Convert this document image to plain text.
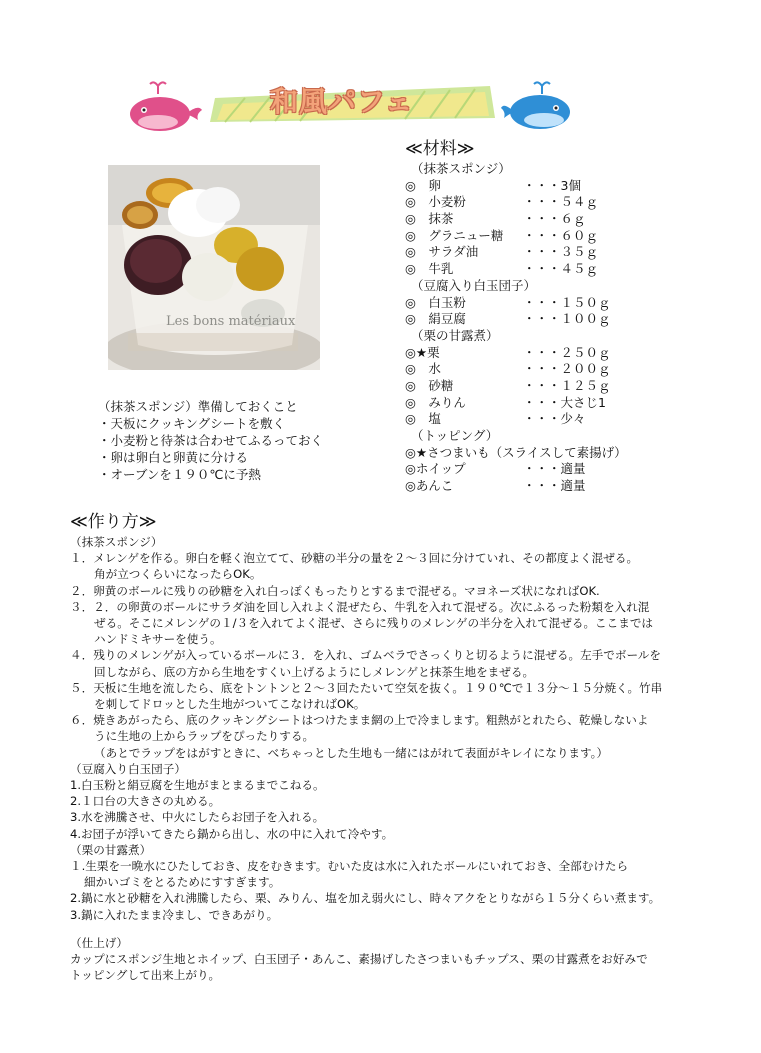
和風パフェ
Les bons matériaux
（抹茶スポンジ）準備しておくこと
・天板にクッキングシートを敷く
・小麦粉と待茶は合わせてふるっておく
・卵は卵白と卵黄に分ける
・オーブンを１９０℃に予熱
≪材料≫
（抹茶スポンジ）
◎　卵	・・・3個
◎　小麦粉	・・・５４ｇ
◎　抹茶	・・・６ｇ
◎　グラニュー糖 ・・・６０ｇ
◎　サラダ油	・・・３５ｇ
◎　牛乳	・・・４５ｇ
（豆腐入り白玉団子）
◎　白玉粉	・・・１５０ｇ
◎　絹豆腐	・・・１００ｇ
（栗の甘露煮）
◎★栗	・・・２５０ｇ
◎　水	・・・２００ｇ
◎　砂糖	・・・１２５ｇ
◎　みりん	・・・大さじ1
◎　塩	・・・少々
（トッピング）
◎★さつまいも（スライスして素揚げ）
◎ホイップ	・・・適量
◎あんこ	・・・適量
≪作り方≫
（抹茶スポンジ）
１．メレンゲを作る。卵白を軽く泡立てて、砂糖の半分の量を２～３回に分けていれ、その都度よく混ぜる。
角が立つくらいになったらOK。
２．卵黄のボールに残りの砂糖を入れ白っぽくもったりとするまで混ぜる。マヨネーズ状になればOK.
３．２．の卵黄のボールにサラダ油を回し入れよく混ぜたら、牛乳を入れて混ぜる。次にふるった粉類を入れ混
ぜる。そこにメレンゲの１/３を入れてよく混ぜ、さらに残りのメレンゲの半分を入れて混ぜる。ここまでは
ハンドミキサーを使う。
４．残りのメレンゲが入っているボールに３．を入れ、ゴムベラでさっくりと切るように混ぜる。左手でボールを
回しながら、底の方から生地をすくい上げるようにしメレンゲと抹茶生地をまぜる。
５．天板に生地を流したら、底をトントンと２～３回たたいて空気を抜く。１９０℃で１３分～１５分焼く。竹串
を刺してドロッとした生地がついてこなければOK。
６．焼きあがったら、底のクッキングシートはつけたまま網の上で冷まします。粗熱がとれたら、乾燥しないよ
うに生地の上からラップをぴったりする。
（あとでラップをはがすときに、べちゃっとした生地も一緒にはがれて表面がキレイになります。）
（豆腐入り白玉団子）
1.白玉粉と絹豆腐を生地がまとまるまでこねる。
2.１口台の大きさの丸める。
3.水を沸騰させ、中火にしたらお団子を入れる。
4.お団子が浮いてきたら鍋から出し、水の中に入れて冷やす。
（栗の甘露煮）
１.生栗を一晩水にひたしておき、皮をむきます。むいた皮は水に入れたボールにいれておき、全部むけたら
細かいゴミをとるためにすすぎます。
2.鍋に水と砂糖を入れ沸騰したら、栗、みりん、塩を加え弱火にし、時々アクをとりながら１５分くらい煮ます。
3.鍋に入れたまま冷まし、できあがり。
（仕上げ）
カップにスポンジ生地とホイップ、白玉団子・あんこ、素揚げしたさつまいもチップス、栗の甘露煮をお好みで
トッピングして出来上がり。
